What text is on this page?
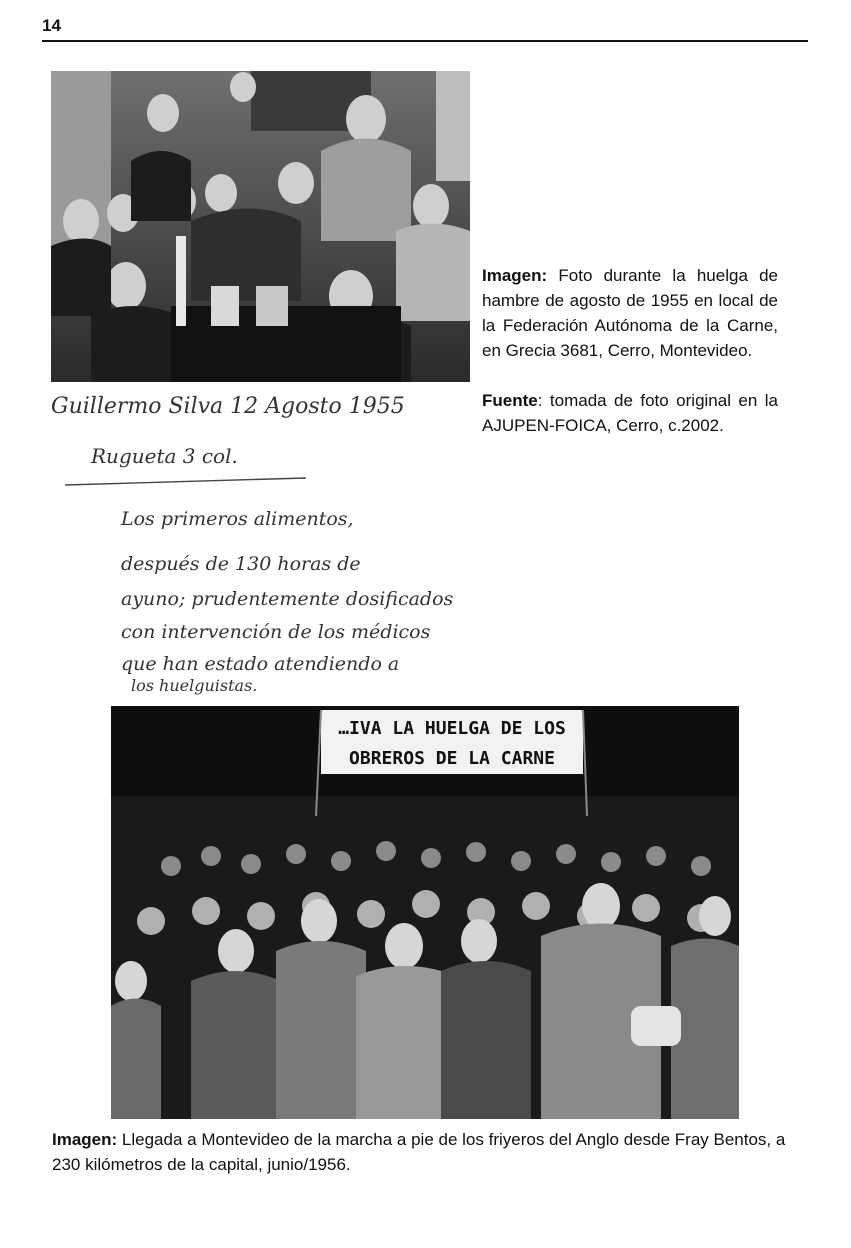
14
Guillermo Silva 12 Agosto 1955
Rugueta 3 col.
Los primeros alimentos,
después de 130 horas de
ayuno; prudentemente dosificados
con intervención de los médicos
que han estado atendiendo a
los huelguistas.

Imagen: Foto durante la huelga de hambre de agosto de 1955 en local de la Federación Autónoma de la Carne, en Grecia 3681, Cerro, Montevideo.

Fuente: tomada de foto original en la AJUPEN-FOICA, Cerro, c.2002.

…IVA LA HUELGA DE LOS
OBREROS DE LA CARNE
Imagen: Llegada a Montevideo de la marcha a pie de los friyeros del Anglo desde Fray Bentos, a 230 kilómetros de la capital, junio/1956.
